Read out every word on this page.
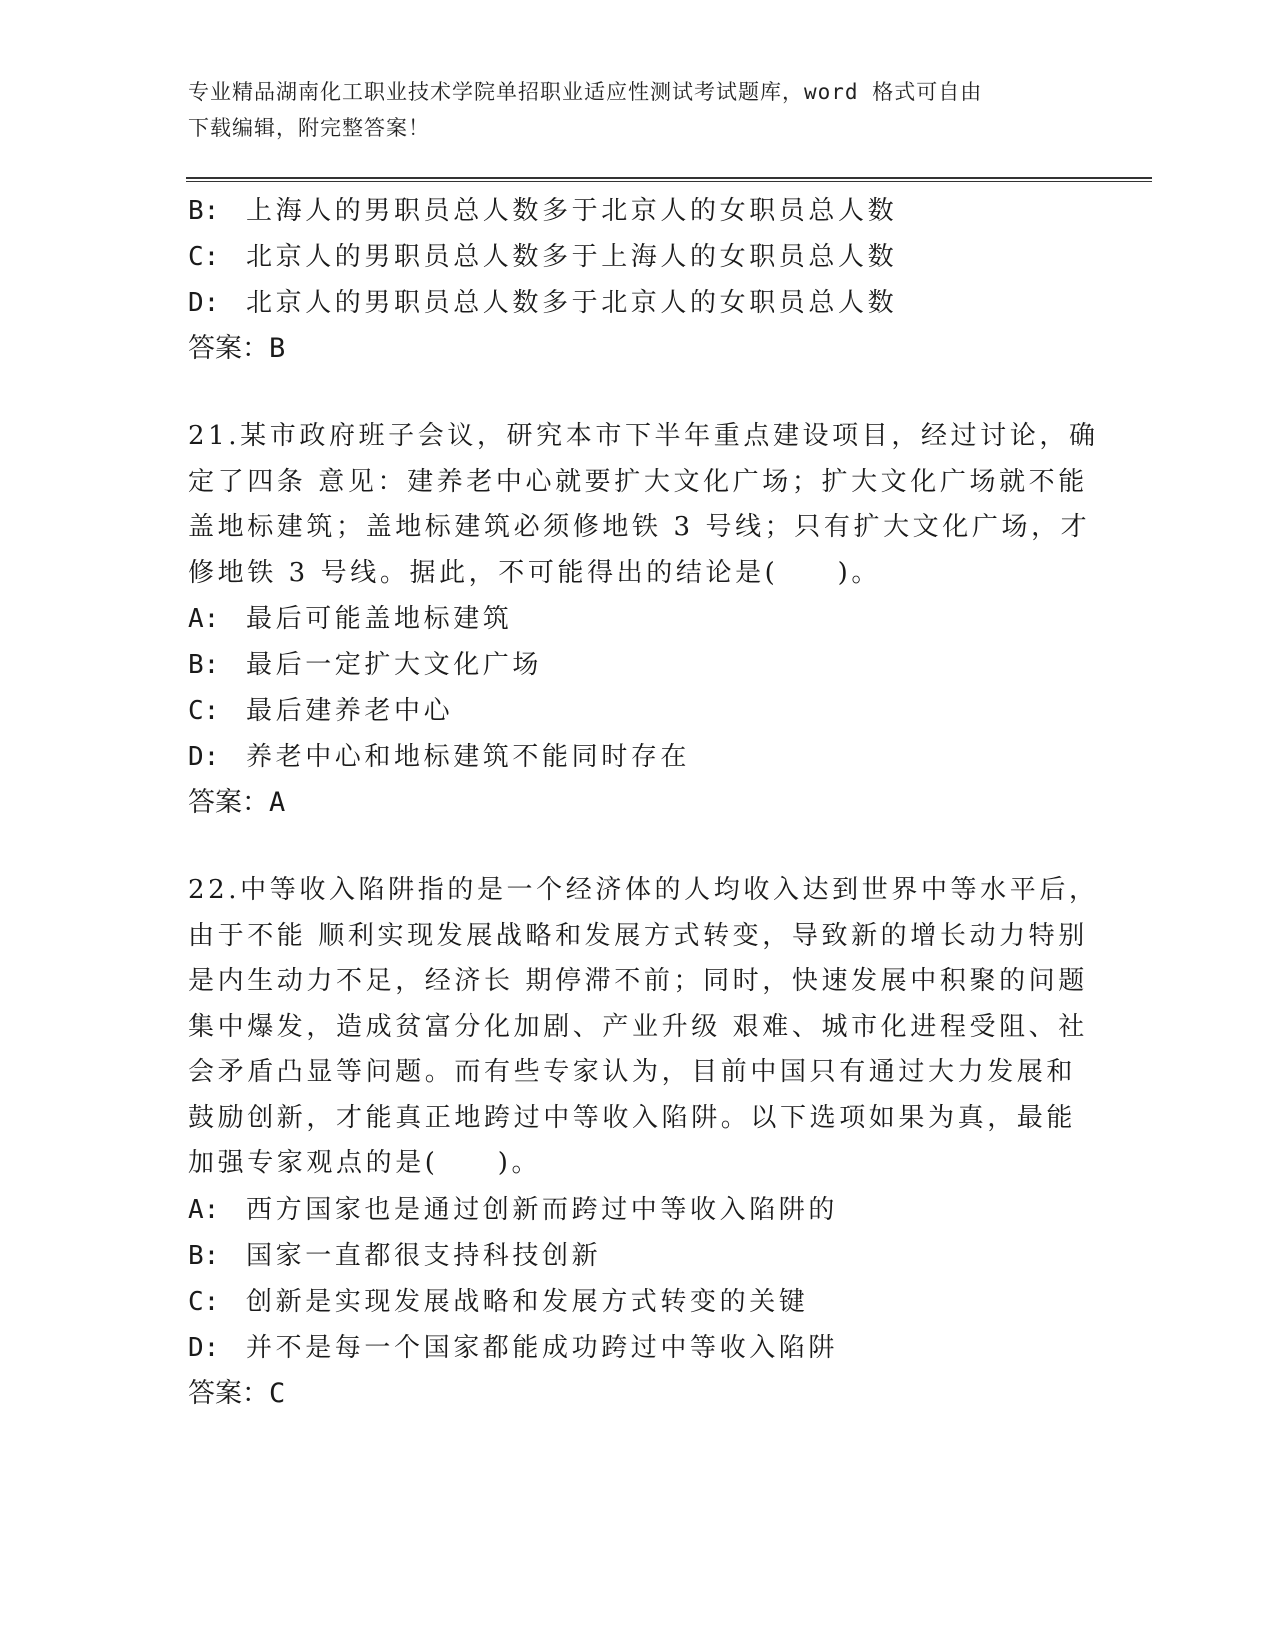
专业精品湖南化工职业技术学院单招职业适应性测试考试题库，word 格式可自由
下载编辑，附完整答案！
B: 上海人的男职员总人数多于北京人的女职员总人数
C: 北京人的男职员总人数多于上海人的女职员总人数
D: 北京人的男职员总人数多于北京人的女职员总人数
答案：B
21.某市政府班子会议，研究本市下半年重点建设项目，经过讨论，确
定了四条 意见：建养老中心就要扩大文化广场；扩大文化广场就不能
盖地标建筑；盖地标建筑必须修地铁 3 号线；只有扩大文化广场，才
修地铁 3 号线。据此，不可能得出的结论是(　　)。
A: 最后可能盖地标建筑
B: 最后一定扩大文化广场
C: 最后建养老中心
D: 养老中心和地标建筑不能同时存在
答案：A
22.中等收入陷阱指的是一个经济体的人均收入达到世界中等水平后，
由于不能 顺利实现发展战略和发展方式转变，导致新的增长动力特别
是内生动力不足，经济长 期停滞不前；同时，快速发展中积聚的问题
集中爆发，造成贫富分化加剧、产业升级 艰难、城市化进程受阻、社
会矛盾凸显等问题。而有些专家认为，目前中国只有通过大力发展和
鼓励创新，才能真正地跨过中等收入陷阱。以下选项如果为真，最能
加强专家观点的是(　　)。
A: 西方国家也是通过创新而跨过中等收入陷阱的
B: 国家一直都很支持科技创新
C: 创新是实现发展战略和发展方式转变的关键
D: 并不是每一个国家都能成功跨过中等收入陷阱
答案：C
